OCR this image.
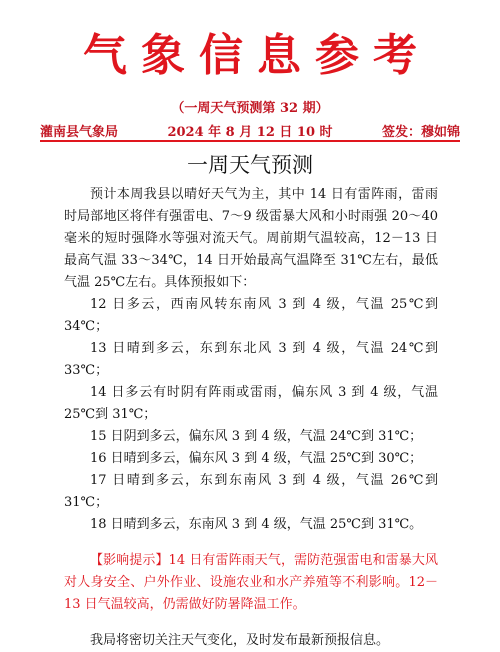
气象信息参考
（一周天气预测第 32 期）
灌南县气象局	2024 年 8 月 12 日 10 时	签发：穆如锦
一周天气预测

预计本周我县以晴好天气为主，其中 14 日有雷阵雨，雷雨时局部地区将伴有强雷电、7～9 级雷暴大风和小时雨强 20～40 毫米的短时强降水等强对流天气。周前期气温较高，12－13 日最高气温 33～34℃，14 日开始最高气温降至 31℃左右，最低气温 25℃左右。具体预报如下：

12 日多云，西南风转东南风 3 到 4 级，气温 25℃到 34℃；

13 日晴到多云，东到东北风 3 到 4 级，气温 24℃到 33℃；

14 日多云有时阴有阵雨或雷雨，偏东风 3 到 4 级，气温 25℃到 31℃；

15 日阴到多云，偏东风 3 到 4 级，气温 24℃到 31℃；

16 日晴到多云，偏东风 3 到 4 级，气温 25℃到 30℃；

17 日晴到多云，东到东南风 3 到 4 级，气温 26℃到 31℃；

18 日晴到多云，东南风 3 到 4 级，气温 25℃到 31℃。

【影响提示】14 日有雷阵雨天气，需防范强雷电和雷暴大风对人身安全、户外作业、设施农业和水产养殖等不利影响。12－13 日气温较高，仍需做好防暑降温工作。

我局将密切关注天气变化，及时发布最新预报信息。
